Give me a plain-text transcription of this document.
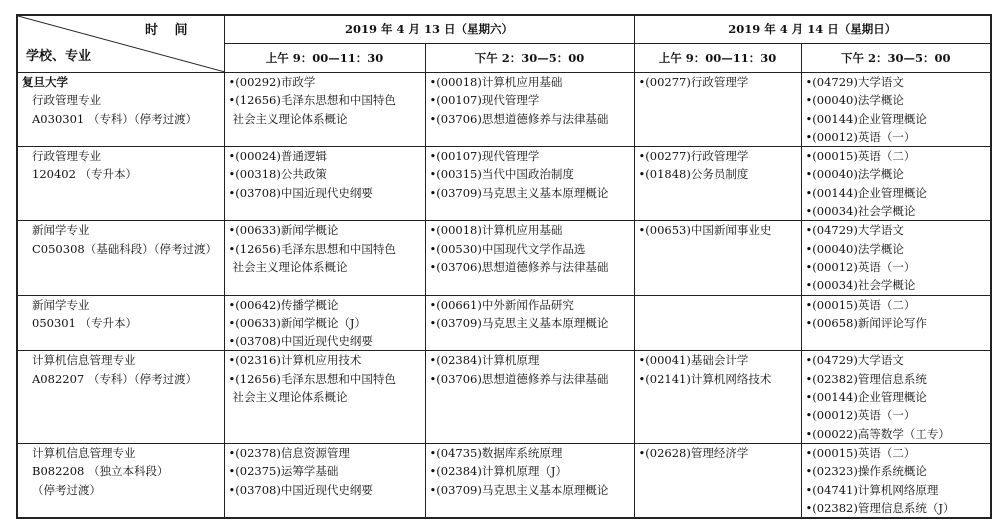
时 间
学校、专业	2019 年 4 月 13 日（星期六）		2019 年 4 月 14 日（星期日）	
	上午 9：00—11：30	下午 2：30—5：00	上午 9：00—11：30	下午 2：30—5：00

复旦大学
行政管理专业
A030301 （专科）（停考过渡）	•(00292)市政学
•(12656)毛泽东思想和中国特色
社会主义理论体系概论	•(00018)计算机应用基础
•(00107)现代管理学
•(03706)思想道德修养与法律基础	•(00277)行政管理学	•(04729)大学语文
•(00040)法学概论
•(00144)企业管理概论
•(00012)英语（一）

行政管理专业
120402 （专升本）	•(00024)普通逻辑
•(00318)公共政策
•(03708)中国近现代史纲要	•(00107)现代管理学
•(00315)当代中国政治制度
•(03709)马克思主义基本原理概论	•(00277)行政管理学
•(01848)公务员制度	•(00015)英语（二）
•(00040)法学概论
•(00144)企业管理概论
•(00034)社会学概论

新闻学专业
C050308（基础科段）（停考过渡）	•(00633)新闻学概论
•(12656)毛泽东思想和中国特色
社会主义理论体系概论	•(00018)计算机应用基础
•(00530)中国现代文学作品选
•(03706)思想道德修养与法律基础	•(00653)中国新闻事业史	•(04729)大学语文
•(00040)法学概论
•(00012)英语（一）
•(00034)社会学概论

新闻学专业
050301 （专升本）	•(00642)传播学概论
•(00633)新闻学概论（J）
•(03708)中国近现代史纲要	•(00661)中外新闻作品研究
•(03709)马克思主义基本原理概论		•(00015)英语（二）
•(00658)新闻评论写作

计算机信息管理专业
A082207 （专科）（停考过渡）	•(02316)计算机应用技术
•(12656)毛泽东思想和中国特色
社会主义理论体系概论	•(02384)计算机原理
•(03706)思想道德修养与法律基础	•(00041)基础会计学
•(02141)计算机网络技术	•(04729)大学语文
•(02382)管理信息系统
•(00144)企业管理概论
•(00012)英语（一）
•(00022)高等数学（工专）

计算机信息管理专业
B082208 （独立本科段）
（停考过渡）	•(02378)信息资源管理
•(02375)运筹学基础
•(03708)中国近现代史纲要	•(04735)数据库系统原理
•(02384)计算机原理（J）
•(03709)马克思主义基本原理概论	•(02628)管理经济学	•(00015)英语（二）
•(02323)操作系统概论
•(04741)计算机网络原理
•(02382)管理信息系统（J）
